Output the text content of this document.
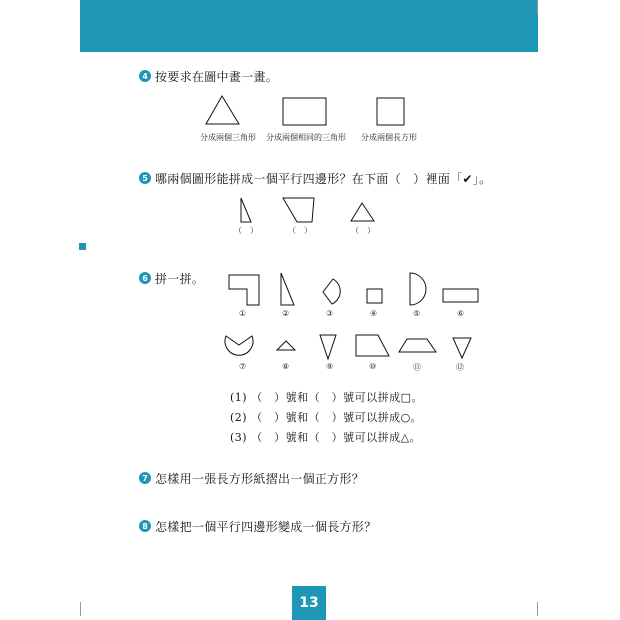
4 按要求在圖中畫一畫。
分成兩個三角形 分成兩個相同的三角形 分成兩個長方形
5 哪兩個圖形能拼成一個平行四邊形？在下面（　）裡面「✔」。
（　）	（　）	（　）
6 拼一拼。
①	②	③	④	⑤	⑥
⑦	⑧	⑨	⑩	⑪	⑫
(1) （　）號和（　）號可以拼成□。
(2) （　）號和（　）號可以拼成○。
(3) （　）號和（　）號可以拼成△。
7 怎樣用一張長方形紙摺出一個正方形？
8 怎樣把一個平行四邊形變成一個長方形？
13
